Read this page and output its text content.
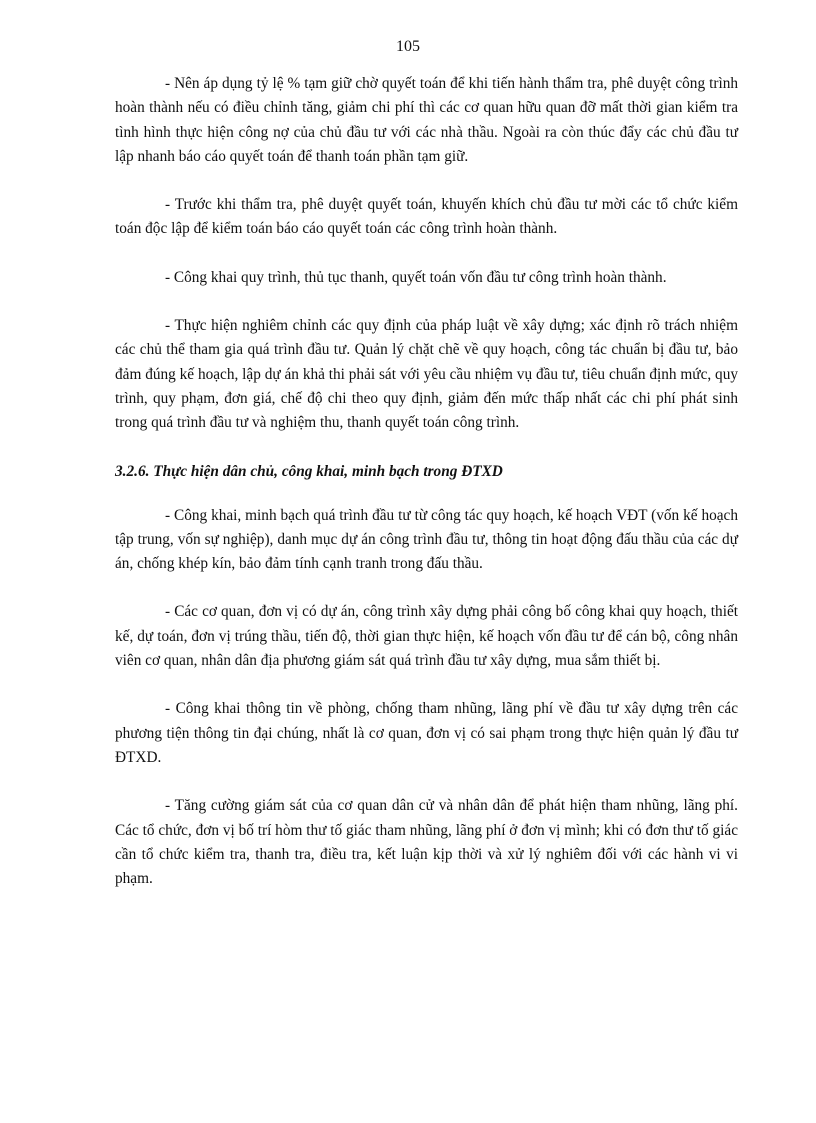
105

- Nên áp dụng tỷ lệ % tạm giữ chờ quyết toán để khi tiến hành thẩm tra, phê duyệt công trình hoàn thành nếu có điều chỉnh tăng, giảm chi phí thì các cơ quan hữu quan đỡ mất thời gian kiểm tra tình hình thực hiện công nợ của chủ đầu tư với các nhà thầu. Ngoài ra còn thúc đẩy các chủ đầu tư lập nhanh báo cáo quyết toán để thanh toán phần tạm giữ.

- Trước khi thẩm tra, phê duyệt quyết toán, khuyến khích chủ đầu tư mời các tổ chức kiểm toán độc lập để kiểm toán báo cáo quyết toán các công trình hoàn thành.

- Công khai quy trình, thủ tục thanh, quyết toán vốn đầu tư công trình hoàn thành.

- Thực hiện nghiêm chỉnh các quy định của pháp luật về xây dựng; xác định rõ trách nhiệm các chủ thể tham gia quá trình đầu tư. Quản lý chặt chẽ về quy hoạch, công tác chuẩn bị đầu tư, bảo đảm đúng kế hoạch, lập dự án khả thi phải sát với yêu cầu nhiệm vụ đầu tư, tiêu chuẩn định mức, quy trình, quy phạm, đơn giá, chế độ chi theo quy định, giảm đến mức thấp nhất các chi phí phát sinh trong quá trình đầu tư và nghiệm thu, thanh quyết toán công trình.

3.2.6. Thực hiện dân chủ, công khai, minh bạch trong ĐTXD

- Công khai, minh bạch quá trình đầu tư từ công tác quy hoạch, kế hoạch VĐT (vốn kế hoạch tập trung, vốn sự nghiệp), danh mục dự án công trình đầu tư, thông tin hoạt động đấu thầu của các dự án, chống khép kín, bảo đảm tính cạnh tranh trong đấu thầu.

- Các cơ quan, đơn vị có dự án, công trình xây dựng phải công bố công khai quy hoạch, thiết kế, dự toán, đơn vị trúng thầu, tiến độ, thời gian thực hiện, kế hoạch vốn đầu tư để cán bộ, công nhân viên cơ quan, nhân dân địa phương giám sát quá trình đầu tư xây dựng, mua sắm thiết bị.

- Công khai thông tin về phòng, chống tham nhũng, lãng phí về đầu tư xây dựng trên các phương tiện thông tin đại chúng, nhất là cơ quan, đơn vị có sai phạm trong thực hiện quản lý đầu tư ĐTXD.

- Tăng cường giám sát của cơ quan dân cử và nhân dân để phát hiện tham nhũng, lãng phí. Các tổ chức, đơn vị bố trí hòm thư tố giác tham nhũng, lãng phí ở đơn vị mình; khi có đơn thư tố giác cần tổ chức kiểm tra, thanh tra, điều tra, kết luận kịp thời và xử lý nghiêm đối với các hành vi vi phạm.
